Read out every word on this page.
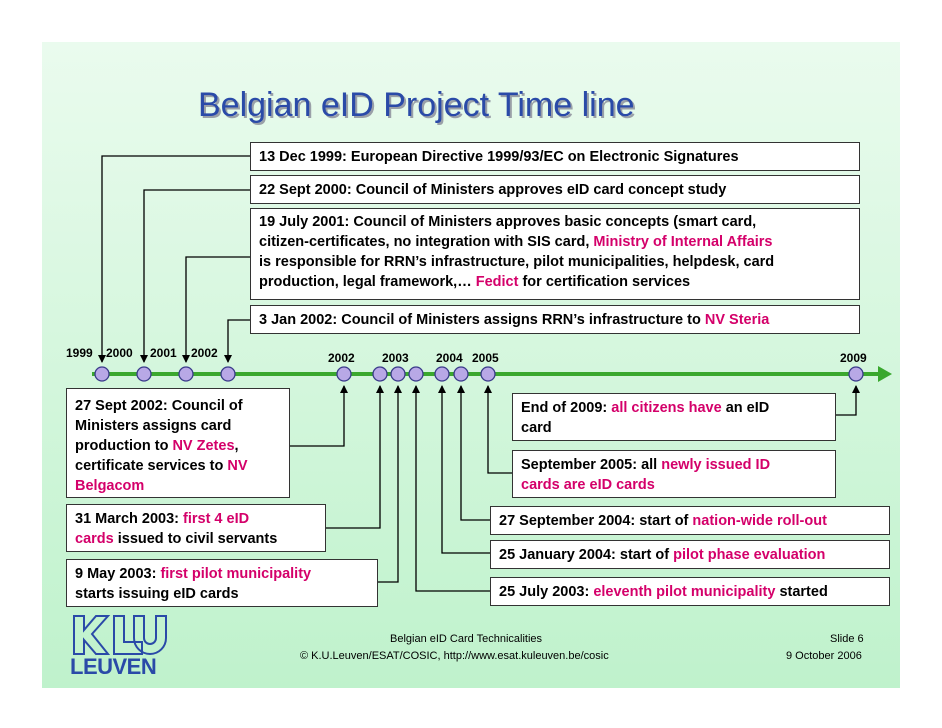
Belgian eID Project Time line
1999 2000 2001 2002	2002 2003 2004 2005	2009
13 Dec 1999: European Directive 1999/93/EC on Electronic Signatures
22 Sept 2000: Council of Ministers approves eID card concept study
19 July 2001: Council of Ministers approves basic concepts (smart card,
citizen-certificates, no integration with SIS card, Ministry of Internal Affairs
is responsible for RRN’s infrastructure, pilot municipalities, helpdesk, card
production, legal framework,… Fedict for certification services
3 Jan 2002: Council of Ministers assigns RRN’s infrastructure to NV Steria
27 Sept 2002: Council of
Ministers assigns card
production to NV Zetes,
certificate services to NV
Belgacom
31 March 2003: first 4 eID
cards issued to civil servants
9 May 2003: first pilot municipality
starts issuing eID cards
End of 2009: all citizens have an eID
card
September 2005: all newly issued ID
cards are eID cards
27 September 2004: start of nation-wide roll-out
25 January 2004: start of pilot phase evaluation
25 July 2003: eleventh pilot municipality started
LEUVEN
Belgian eID Card Technicalities
© K.U.Leuven/ESAT/COSIC, http://www.esat.kuleuven.be/cosic
Slide 6
9 October 2006
